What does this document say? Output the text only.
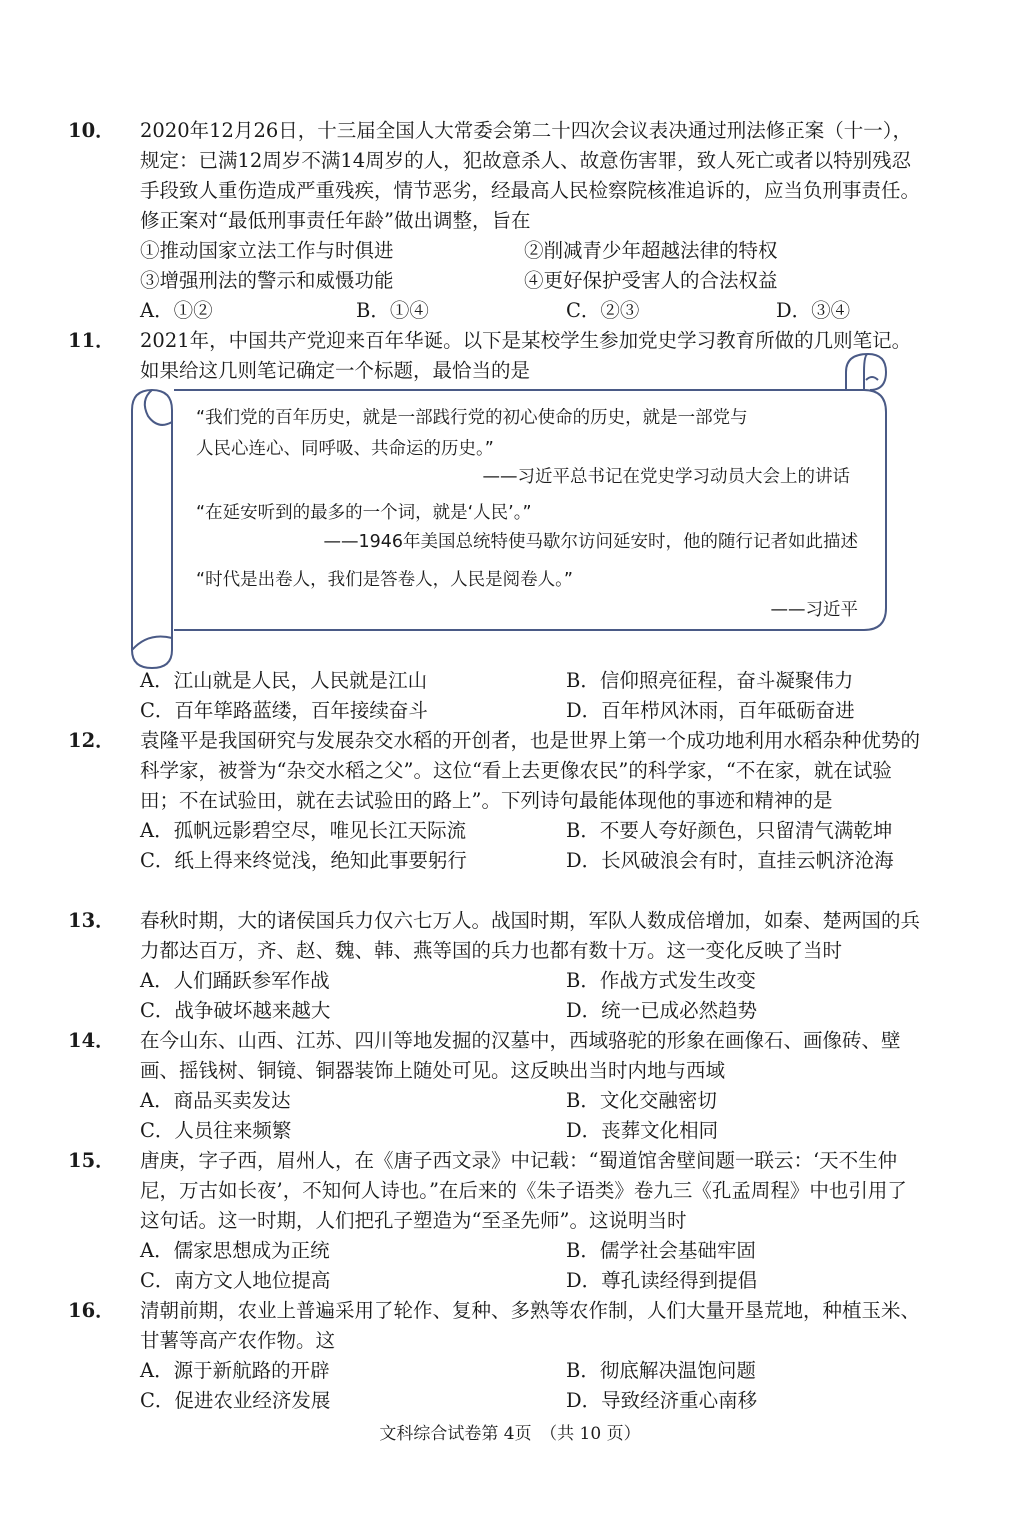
10． 2020年12月26日，十三届全国人大常委会第二十四次会议表决通过刑法修正案（十一），规定：已满12周岁不满14周岁的人，犯故意杀人、故意伤害罪，致人死亡或者以特别残忍手段致人重伤造成严重残疾，情节恶劣，经最高人民检察院核准追诉的，应当负刑事责任。修正案对“最低刑事责任年龄”做出调整，旨在
①推动国家立法工作与时俱进	②削减青少年超越法律的特权
③增强刑法的警示和威慑功能	④更好保护受害人的合法权益
A．①②	B．①④	C．②③	D．③④
11． 2021年，中国共产党迎来百年华诞。以下是某校学生参加党史学习教育所做的几则笔记。如果给这几则笔记确定一个标题，最恰当的是
“我们党的百年历史，就是一部践行党的初心使命的历史，就是一部党与
人民心连心、同呼吸、共命运的历史。”
——习近平总书记在党史学习动员大会上的讲话
“在延安听到的最多的一个词，就是‘人民’。”
——1946年美国总统特使马歇尔访问延安时，他的随行记者如此描述
“时代是出卷人，我们是答卷人，人民是阅卷人。”
——习近平
A．江山就是人民，人民就是江山	B．信仰照亮征程，奋斗凝聚伟力
C．百年筚路蓝缕，百年接续奋斗	D．百年栉风沐雨，百年砥砺奋进
12． 袁隆平是我国研究与发展杂交水稻的开创者，也是世界上第一个成功地利用水稻杂种优势的科学家，被誉为“杂交水稻之父”。这位“看上去更像农民”的科学家，“不在家，就在试验田；不在试验田，就在去试验田的路上”。下列诗句最能体现他的事迹和精神的是
A．孤帆远影碧空尽，唯见长江天际流	B．不要人夸好颜色，只留清气满乾坤
C．纸上得来终觉浅，绝知此事要躬行	D．长风破浪会有时，直挂云帆济沧海
13． 春秋时期，大的诸侯国兵力仅六七万人。战国时期，军队人数成倍增加，如秦、楚两国的兵力都达百万，齐、赵、魏、韩、燕等国的兵力也都有数十万。这一变化反映了当时
A．人们踊跃参军作战	B．作战方式发生改变
C．战争破坏越来越大	D．统一已成必然趋势
14． 在今山东、山西、江苏、四川等地发掘的汉墓中，西域骆驼的形象在画像石、画像砖、壁画、摇钱树、铜镜、铜器装饰上随处可见。这反映出当时内地与西域
A．商品买卖发达	B．文化交融密切
C．人员往来频繁	D．丧葬文化相同
15． 唐庚，字子西，眉州人，在《唐子西文录》中记载：“蜀道馆舍壁间题一联云：‘天不生仲尼，万古如长夜’，不知何人诗也。”在后来的《朱子语类》卷九三《孔孟周程》中也引用了这句话。这一时期，人们把孔子塑造为“至圣先师”。这说明当时
A．儒家思想成为正统	B．儒学社会基础牢固
C．南方文人地位提高	D．尊孔读经得到提倡
16． 清朝前期，农业上普遍采用了轮作、复种、多熟等农作制，人们大量开垦荒地，种植玉米、甘薯等高产农作物。这
A．源于新航路的开辟	B．彻底解决温饱问题
C．促进农业经济发展	D．导致经济重心南移
文科综合试卷第 4页　（共 10 页）
